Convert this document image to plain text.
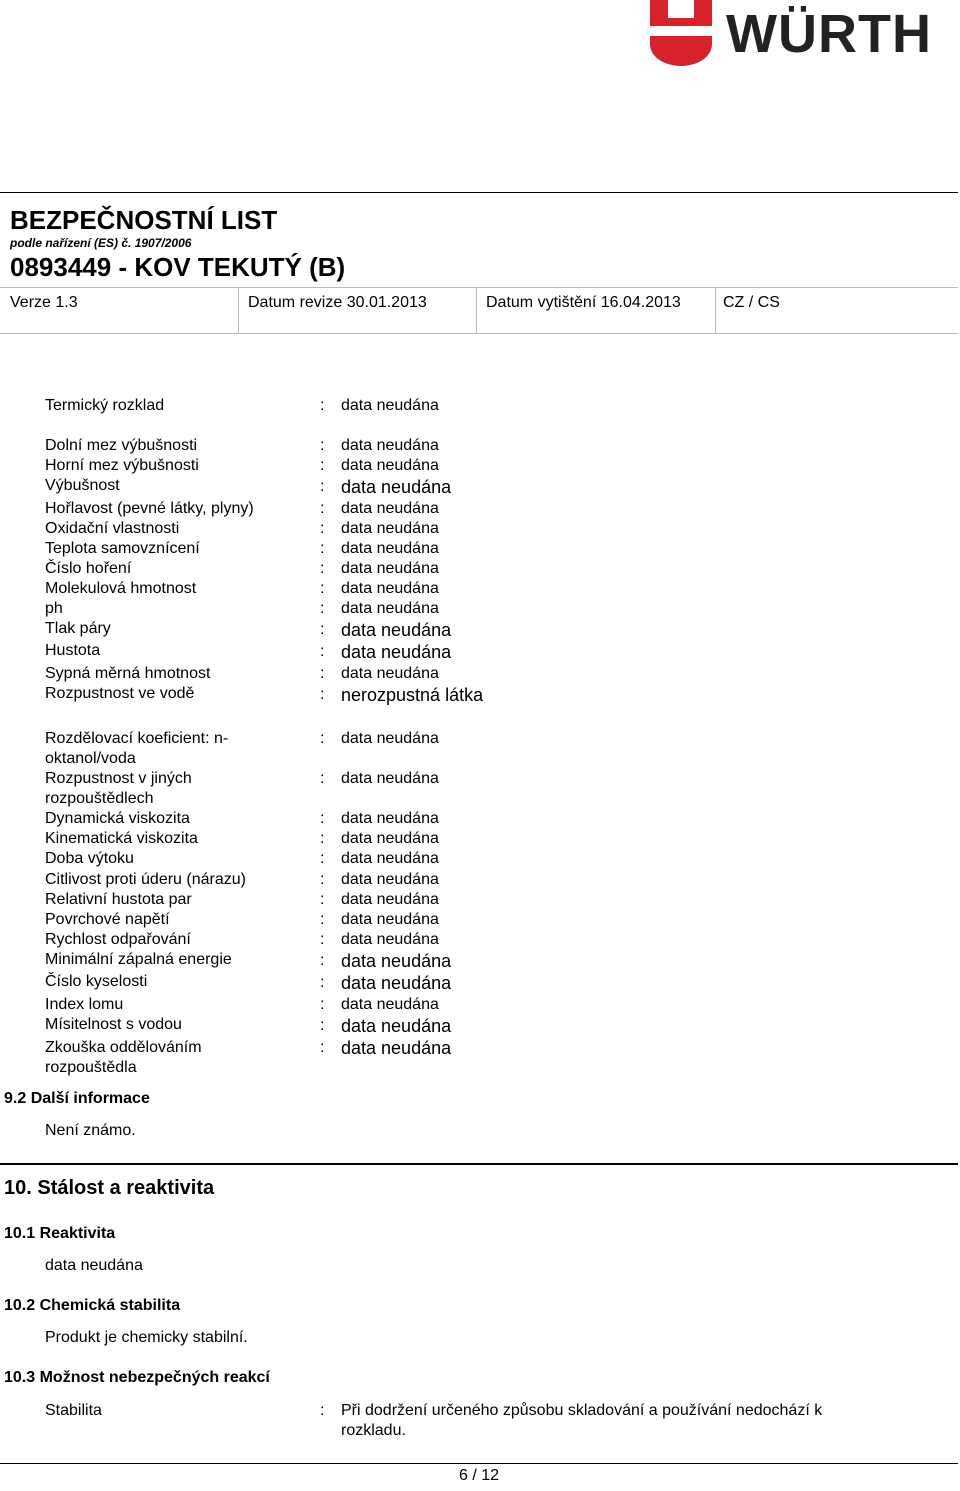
WÜRTH
BEZPEČNOSTNÍ LIST
podle nařízení (ES) č. 1907/2006
0893449 - KOV TEKUTÝ (B)
Verze 1.3	Datum revize 30.01.2013	Datum vytištění 16.04.2013	CZ / CS
Termický rozklad	: data neudána
Dolní mez výbušnosti	: data neudána
Horní mez výbušnosti	: data neudána
Výbušnost	: data neudána
Hořlavost (pevné látky, plyny)	: data neudána
Oxidační vlastnosti	: data neudána
Teplota samovznícení	: data neudána
Číslo hoření	: data neudána
Molekulová hmotnost	: data neudána
ph	: data neudána
Tlak páry	: data neudána
Hustota	: data neudána
Sypná měrná hmotnost	: data neudána
Rozpustnost ve vodě	: nerozpustná látka
Rozdělovací koeficient: n-
oktanol/voda
: data neudána
Rozpustnost v jiných
rozpouštědlech
: data neudána
Dynamická viskozita	: data neudána
Kinematická viskozita	: data neudána
Doba výtoku	: data neudána
Citlivost proti úderu (nárazu)	: data neudána
Relativní hustota par	: data neudána
Povrchové napětí	: data neudána
Rychlost odpařování	: data neudána
Minimální zápalná energie	: data neudána
Číslo kyselosti	: data neudána
Index lomu	: data neudána
Mísitelnost s vodou	: data neudána
Zkouška oddělováním
rozpouštědla
: data neudána
9.2 Další informace
Není známo.
10. Stálost a reaktivita
10.1 Reaktivita
data neudána
10.2 Chemická stabilita
Produkt je chemicky stabilní.
10.3 Možnost nebezpečných reakcí
Stabilita	: Při dodržení určeného způsobu skladování a používání nedochází k
rozkladu.
6 / 12
